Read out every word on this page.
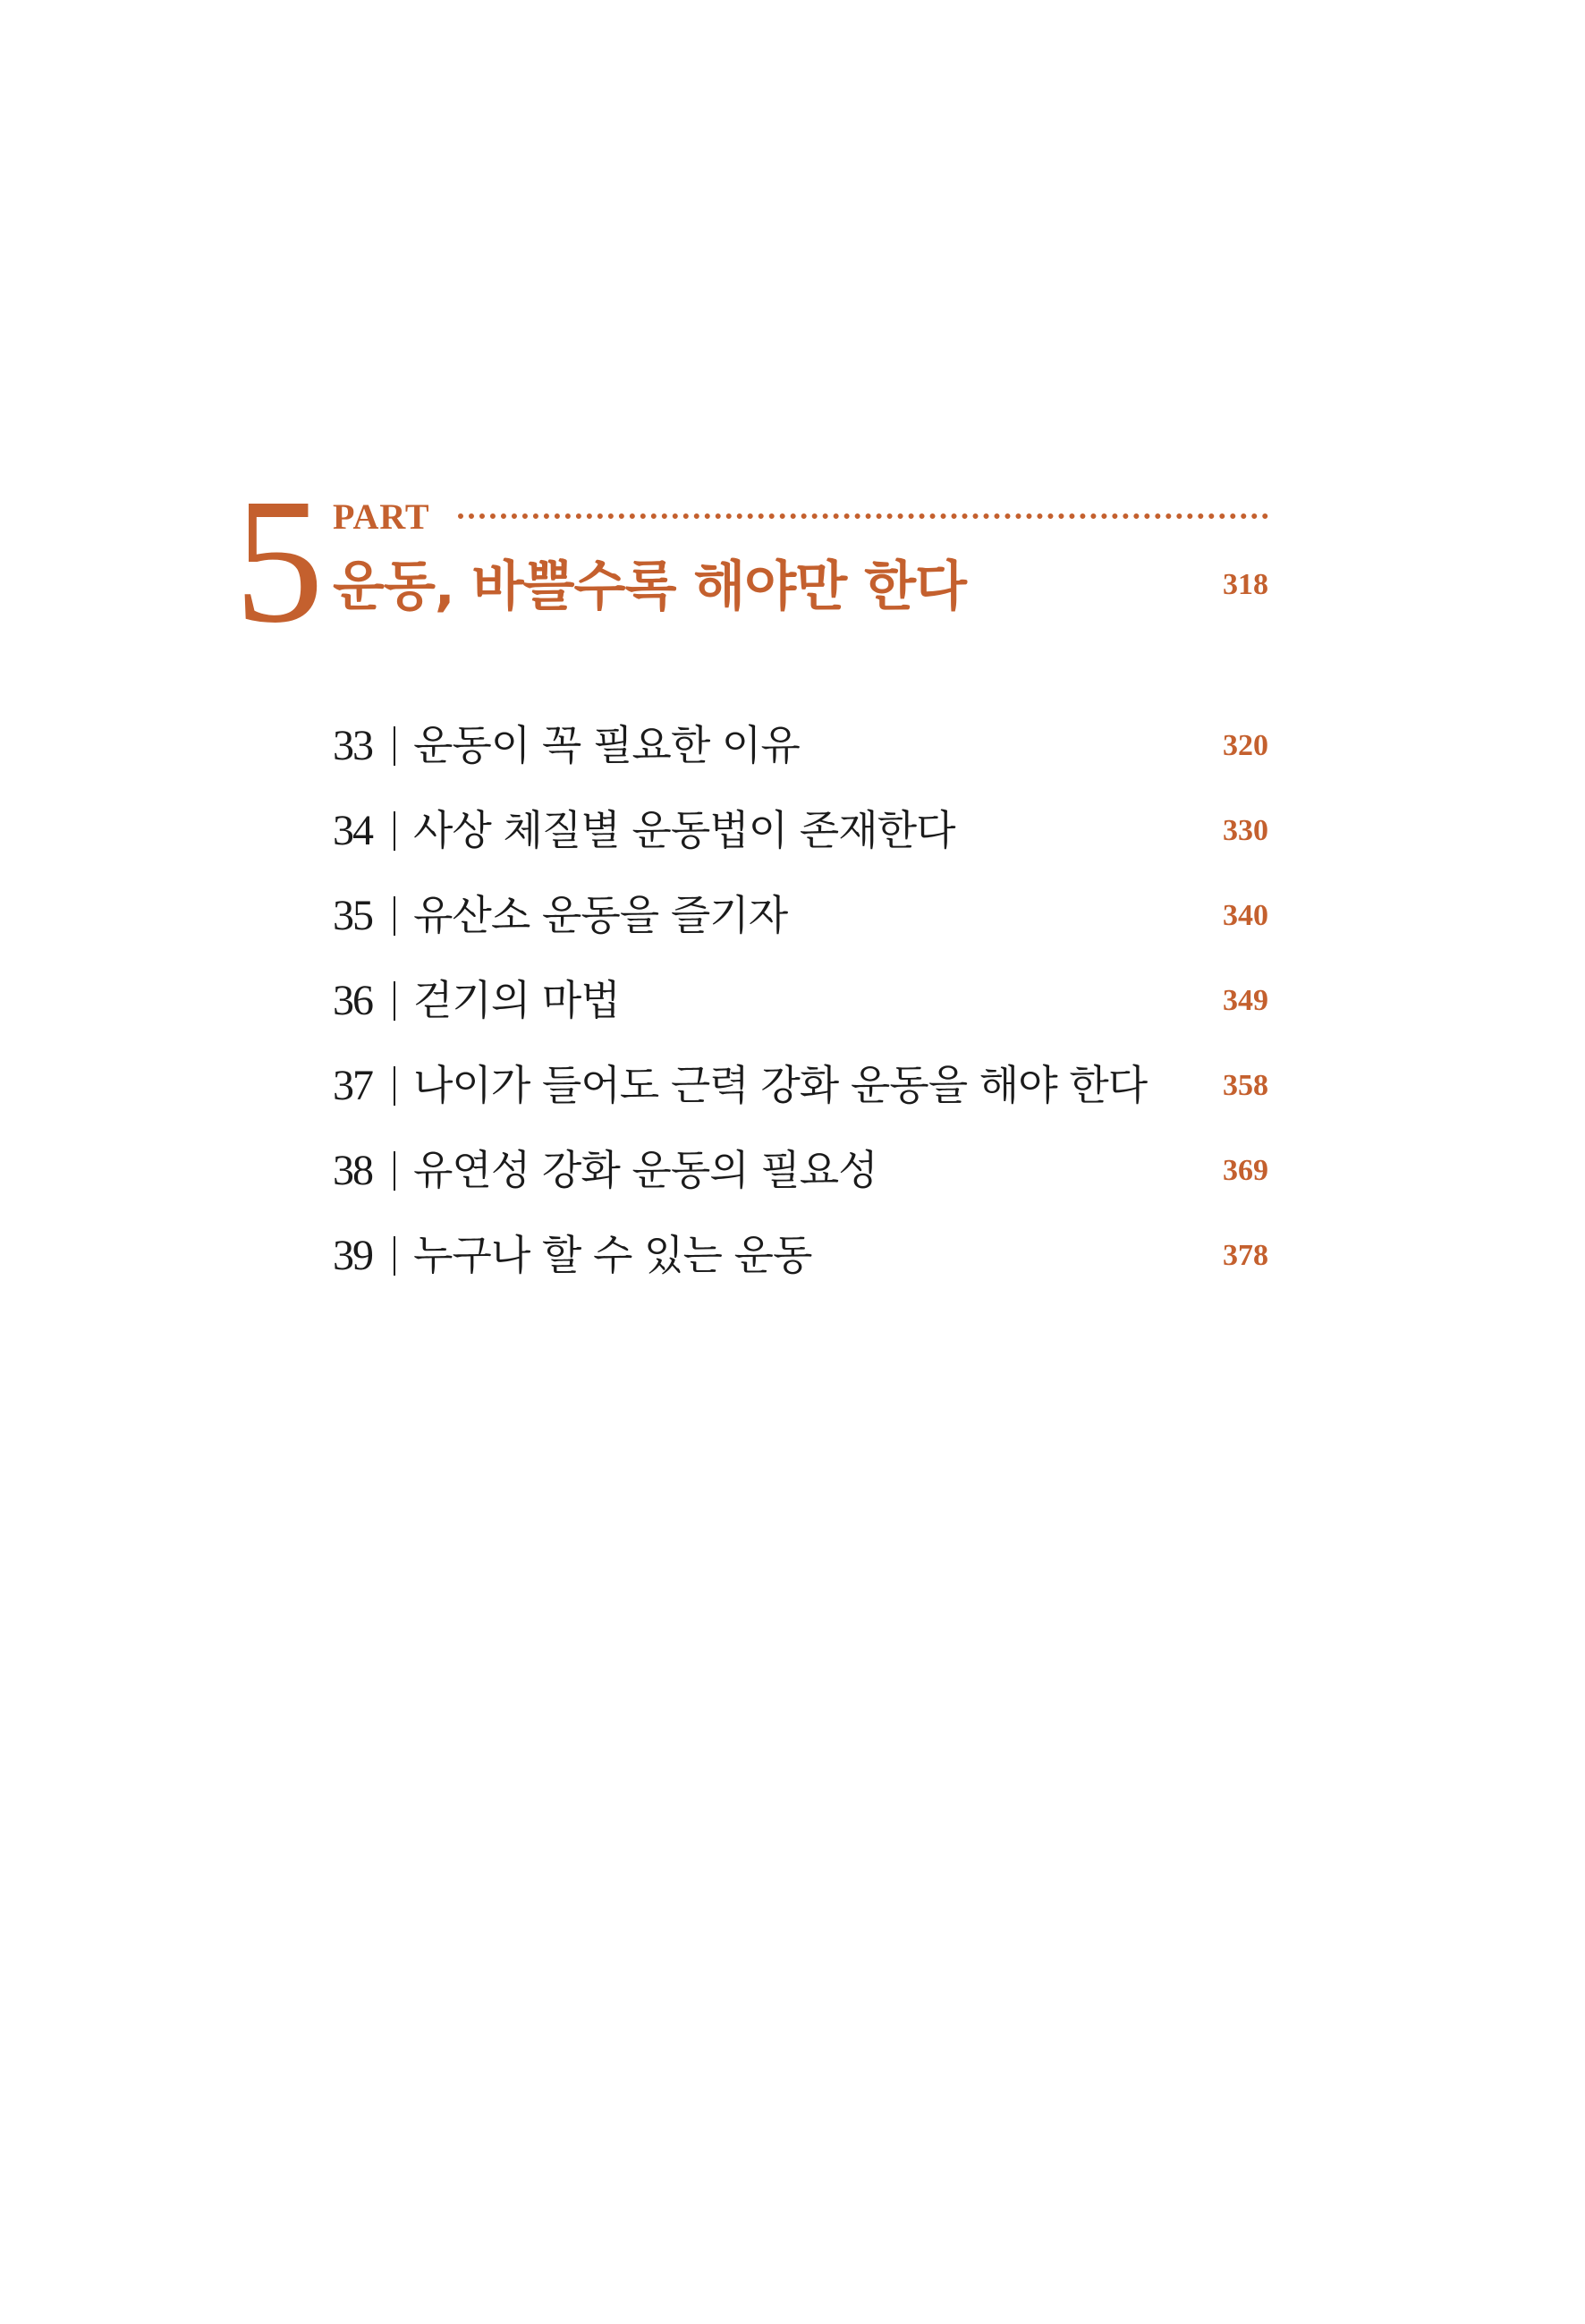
5 PART
운동, 바쁠수록 해야만 한다	318
33 운동이 꼭 필요한 이유	320
34 사상 체질별 운동법이 존재한다	330
35 유산소 운동을 즐기자	340
36 걷기의 마법	349
37 나이가 들어도 근력 강화 운동을 해야 한다 358
38 유연성 강화 운동의 필요성	369
39 누구나 할 수 있는 운동	378
